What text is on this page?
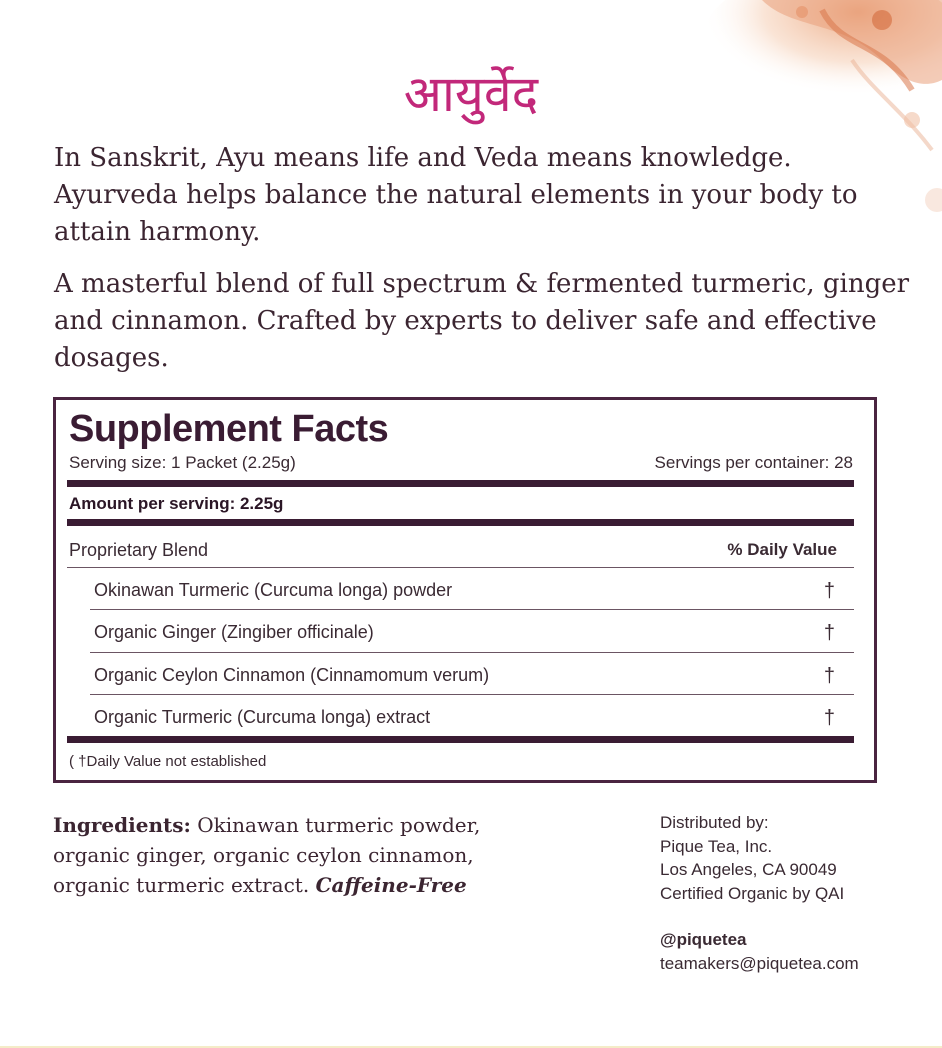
आयुर्वेद

In Sanskrit, Ayu means life and Veda means knowledge. Ayurveda helps balance the natural elements in your body to attain harmony.

A masterful blend of full spectrum & fermented turmeric, ginger and cinnamon. Crafted by experts to deliver safe and effective dosages.

Supplement Facts
Serving size: 1 Packet (2.25g)	Servings per container: 28
Amount per serving: 2.25g
Proprietary Blend	% Daily Value
Okinawan Turmeric (Curcuma longa) powder	†
Organic Ginger (Zingiber officinale)	†
Organic Ceylon Cinnamon (Cinnamomum verum)	†
Organic Turmeric (Curcuma longa) extract	†
( †Daily Value not established
Ingredients: Okinawan turmeric powder, organic ginger, organic ceylon cinnamon, organic turmeric extract. Caffeine-Free
Distributed by:
Pique Tea, Inc.
Los Angeles, CA 90049
Certified Organic by QAI
@piquetea
teamakers@piquetea.com
